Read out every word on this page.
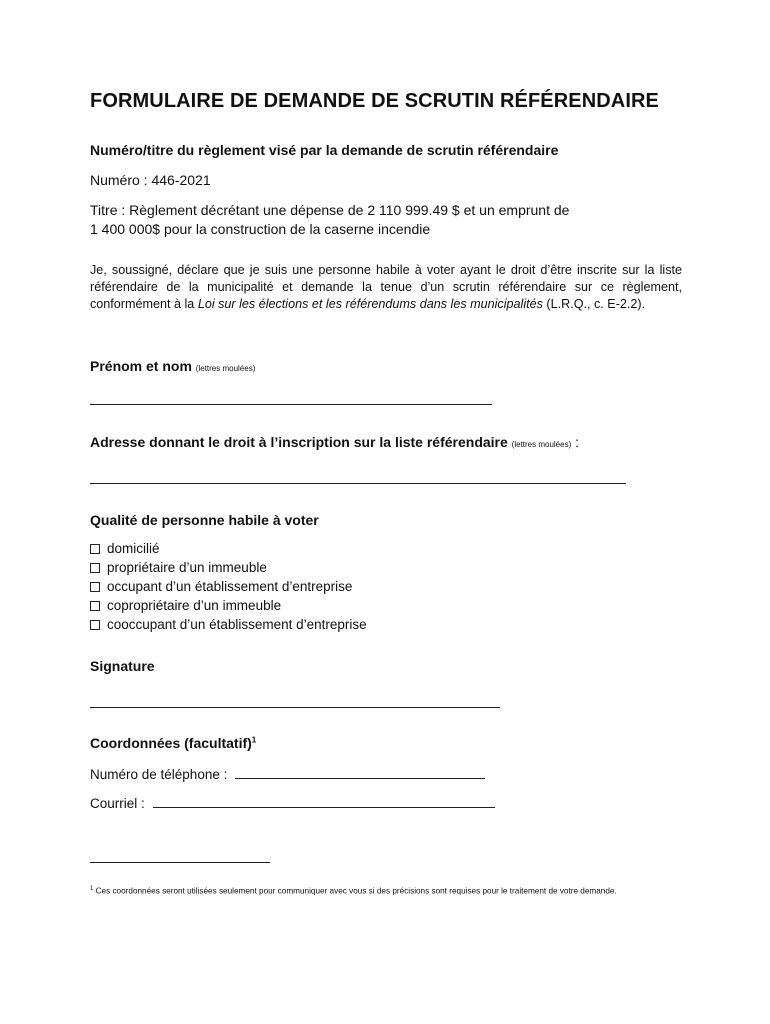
FORMULAIRE DE DEMANDE DE SCRUTIN RÉFÉRENDAIRE
Numéro/titre du règlement visé par la demande de scrutin référendaire
Numéro : 446-2021
Titre : Règlement décrétant une dépense de 2 110 999.49 $ et un emprunt de
1 400 000$ pour la construction de la caserne incendie
Je, soussigné, déclare que je suis une personne habile à voter ayant le droit d’être inscrite sur la liste référendaire de la municipalité et demande la tenue d’un scrutin référendaire sur ce règlement, conformément à la Loi sur les élections et les référendums dans les municipalités (L.R.Q., c. E-2.2).
Prénom et nom (lettres moulées)
Adresse donnant le droit à l’inscription sur la liste référendaire (lettres moulées) :
Qualité de personne habile à voter
domicilié
propriétaire d’un immeuble
occupant d’un établissement d’entreprise
copropriétaire d’un immeuble
cooccupant d’un établissement d’entreprise
Signature
Coordonnées (facultatif)$^1$
Numéro de téléphone :
Courriel :
$^1$ Ces coordonnées seront utilisées seulement pour communiquer avec vous si des précisions sont requises pour le traitement de votre demande.
